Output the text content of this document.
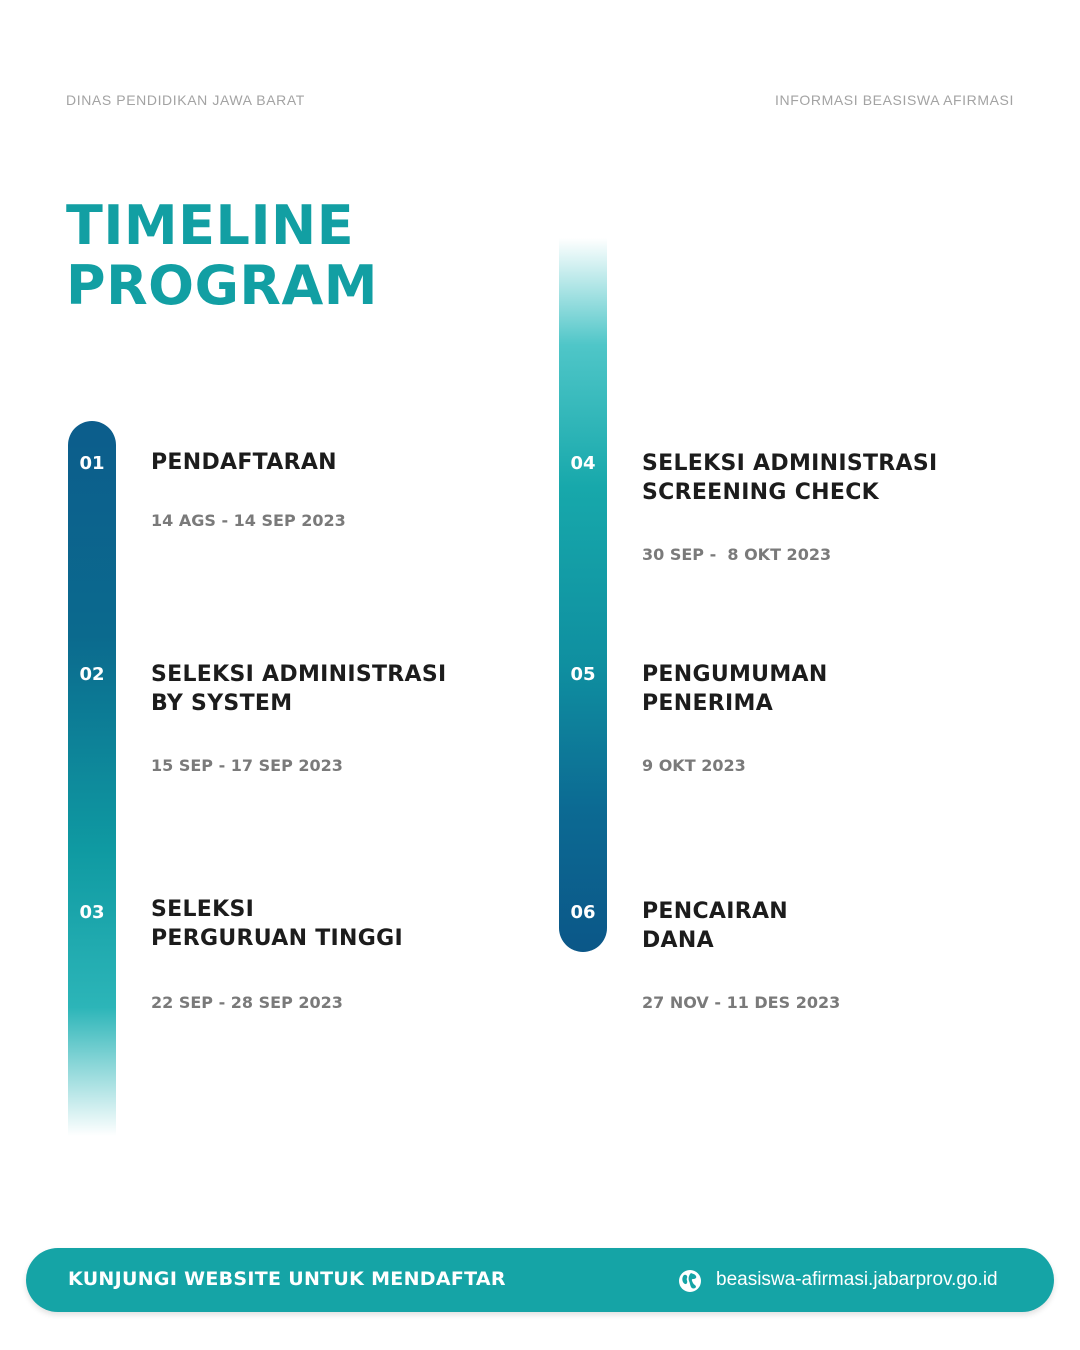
DINAS PENDIDIKAN JAWA BARAT	INFORMASI BEASISWA AFIRMASI
TIMELINE
PROGRAM
01	PENDAFTARAN
14 AGS - 14 SEP 2023
02	SELEKSI ADMINISTRASI
BY SYSTEM
15 SEP - 17 SEP 2023
03	SELEKSI
PERGURUAN TINGGI
22 SEP - 28 SEP 2023
04	SELEKSI ADMINISTRASI
SCREENING CHECK
30 SEP -  8 OKT 2023
05	PENGUMUMAN
PENERIMA
9 OKT 2023
06	PENCAIRAN
DANA
27 NOV - 11 DES 2023
KUNJUNGI WEBSITE UNTUK MENDAFTAR	beasiswa-afirmasi.jabarprov.go.id
